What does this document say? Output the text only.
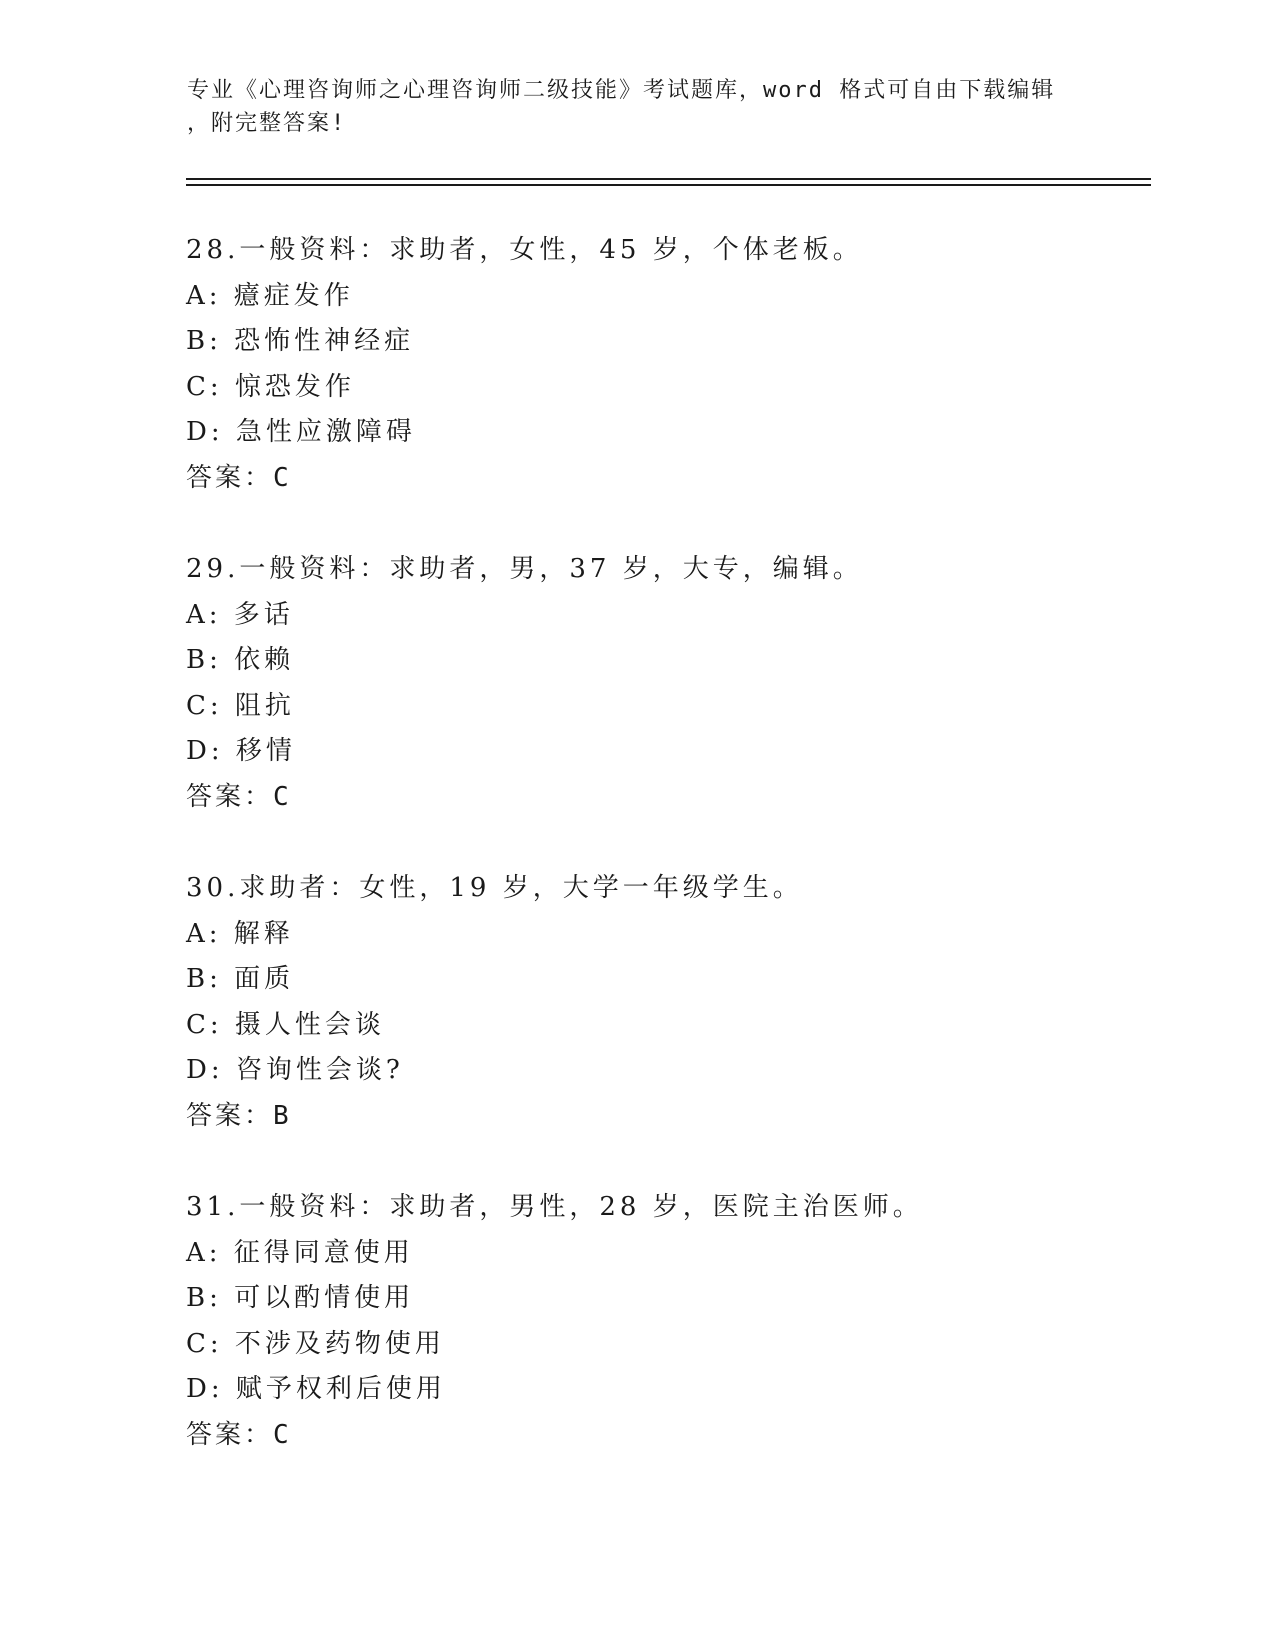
专业《心理咨询师之心理咨询师二级技能》考试题库，word 格式可自由下载编辑
，附完整答案!
28.一般资料：求助者，女性，45 岁，个体老板。
A: 癔症发作
B: 恐怖性神经症
C: 惊恐发作
D: 急性应激障碍
答案：C
29.一般资料：求助者，男，37 岁，大专，编辑。
A: 多话
B: 依赖
C: 阻抗
D: 移情
答案：C
30.求助者：女性，19 岁，大学一年级学生。
A: 解释
B: 面质
C: 摄人性会谈
D: 咨询性会谈?
答案：B
31.一般资料：求助者，男性，28 岁，医院主治医师。
A: 征得同意使用
B: 可以酌情使用
C: 不涉及药物使用
D: 赋予权利后使用
答案：C
